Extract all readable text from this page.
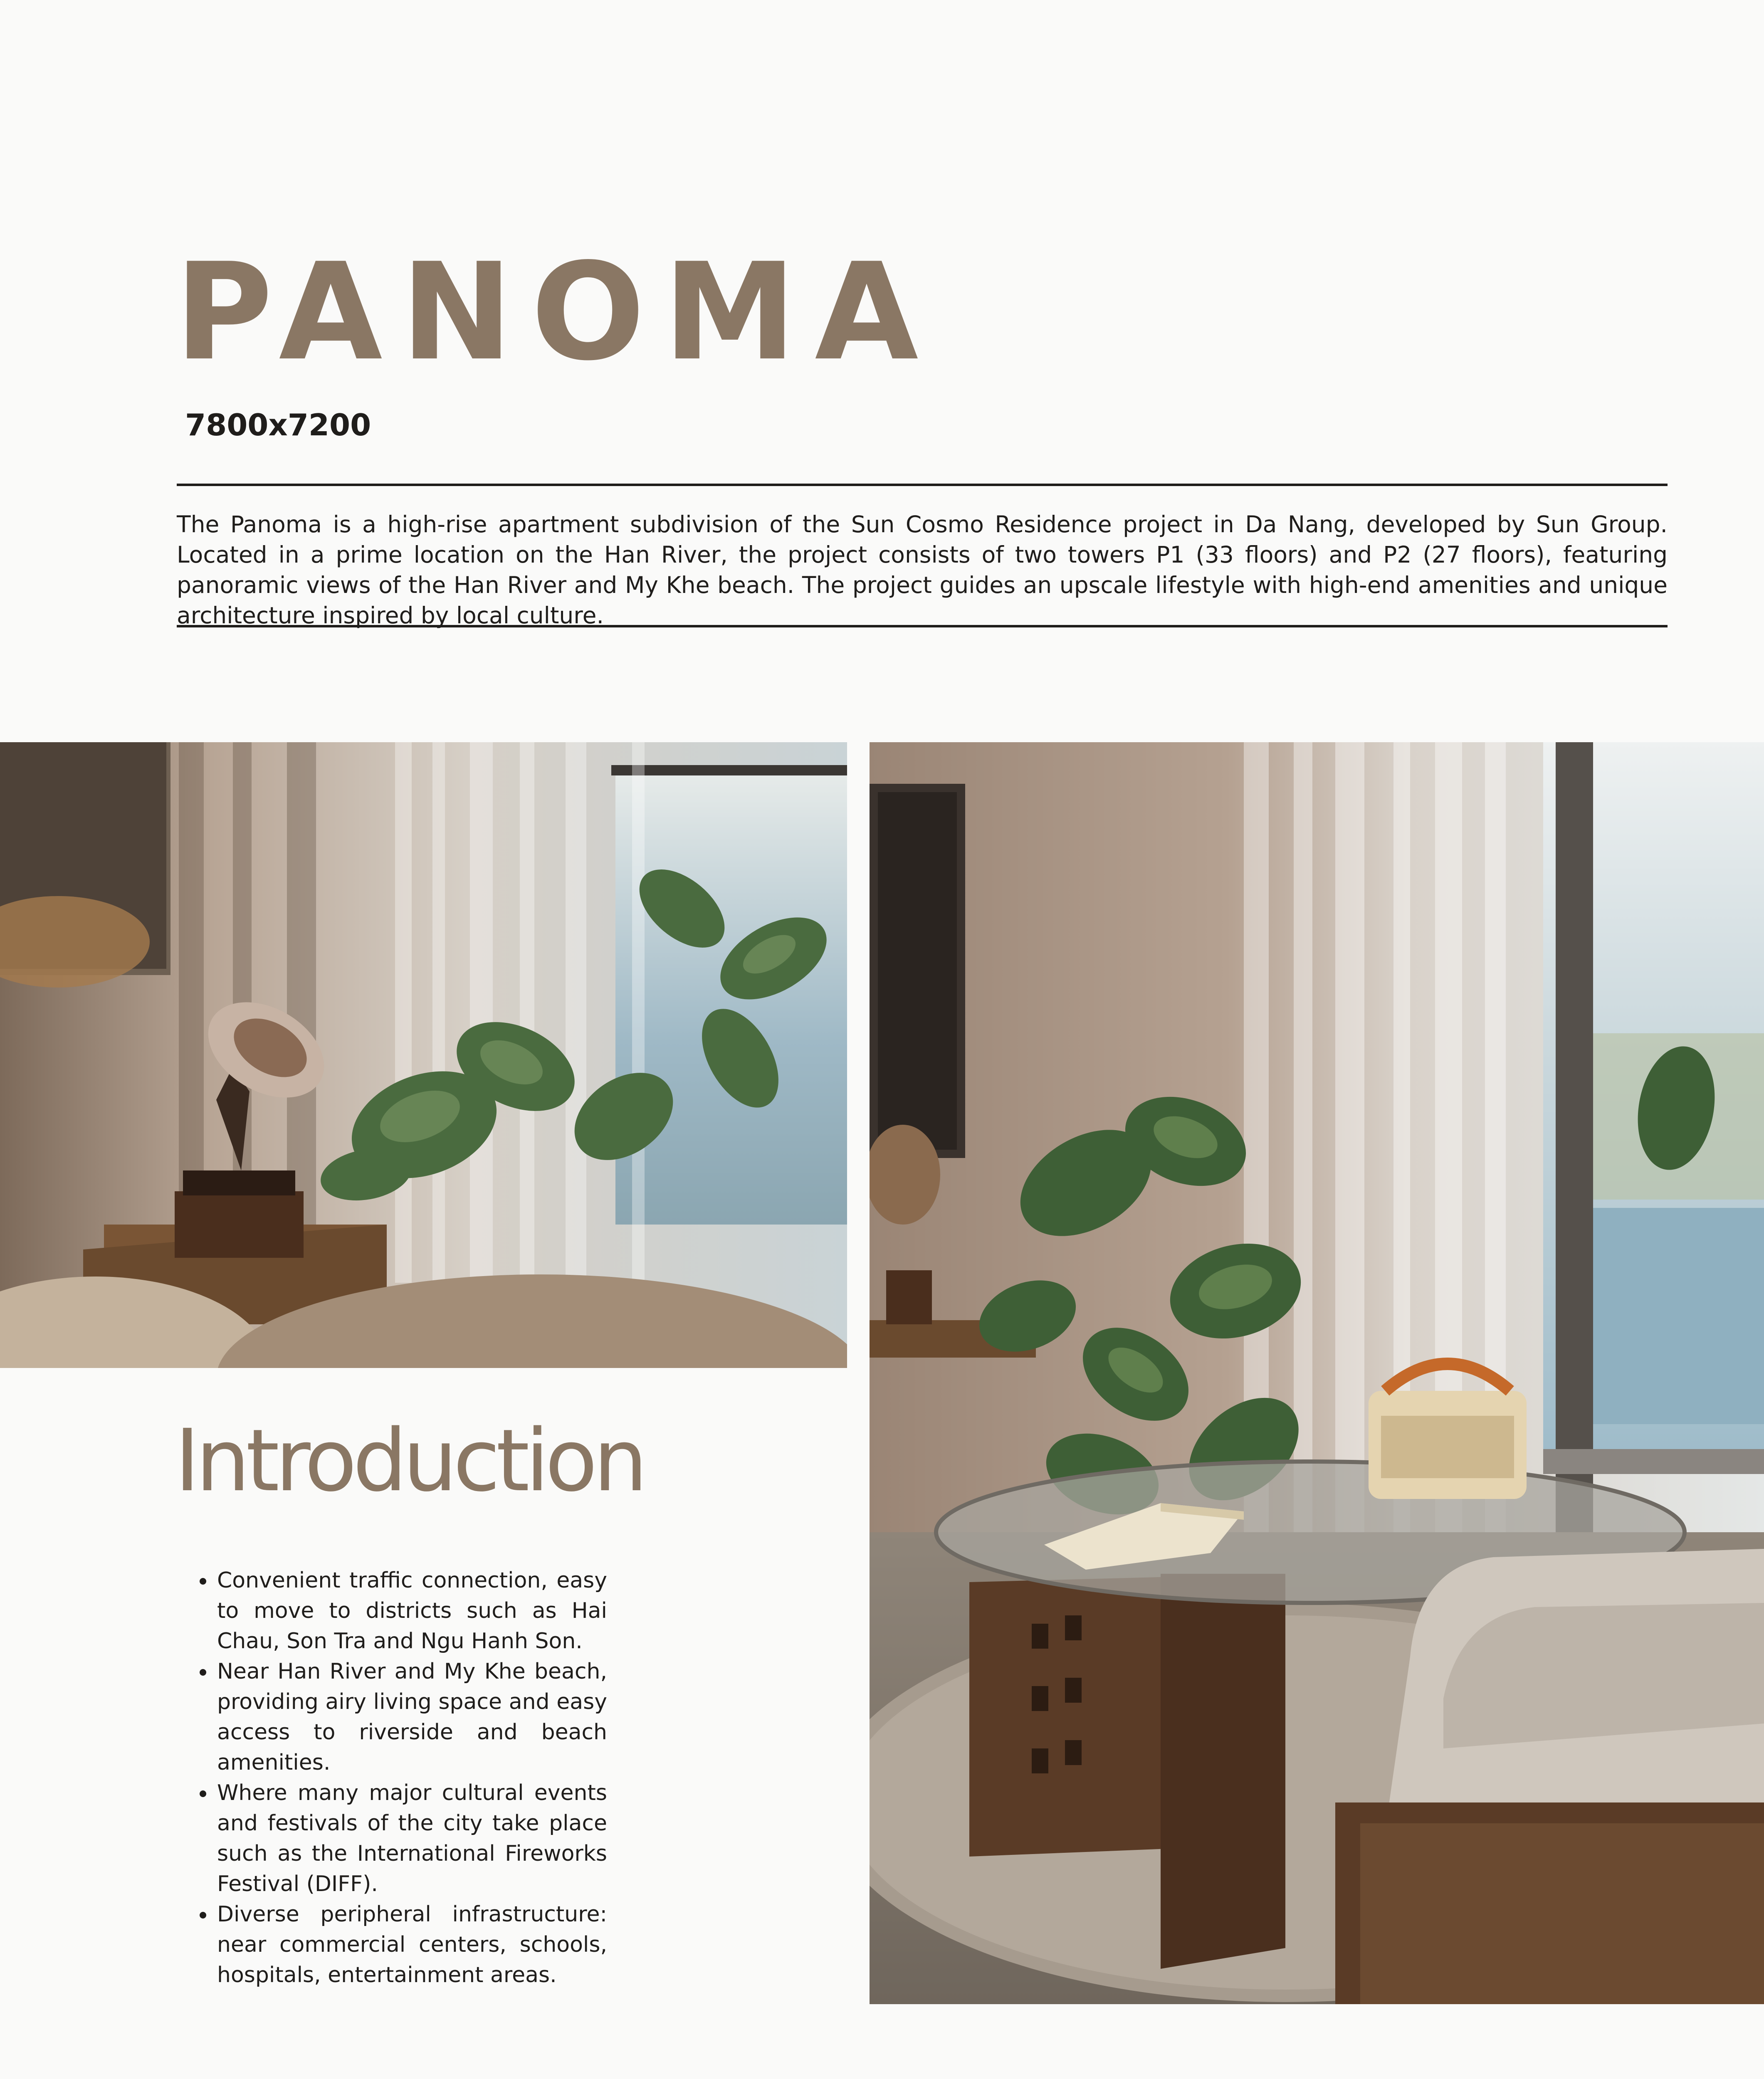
PANOMA
7800x7200

The Panoma is a high-rise apartment subdivision of the Sun Cosmo Residence project in Da Nang, developed by Sun Group. Located in a prime location on the Han River, the project consists of two towers P1 (33 floors) and P2 (27 floors), featuring panoramic views of the Han River and My Khe beach. The project guides an upscale lifestyle with high-end amenities and unique architecture inspired by local culture.

Introduction
• Convenient traffic connection, easy to move to districts such as Hai Chau, Son Tra and Ngu Hanh Son.
• Near Han River and My Khe beach, providing airy living space and easy access to riverside and beach amenities.
• Where many major cultural events and festivals of the city take place such as the International Fireworks Festival (DIFF).
• Diverse peripheral infrastructure: near commercial centers, schools, hospitals, entertainment areas.
